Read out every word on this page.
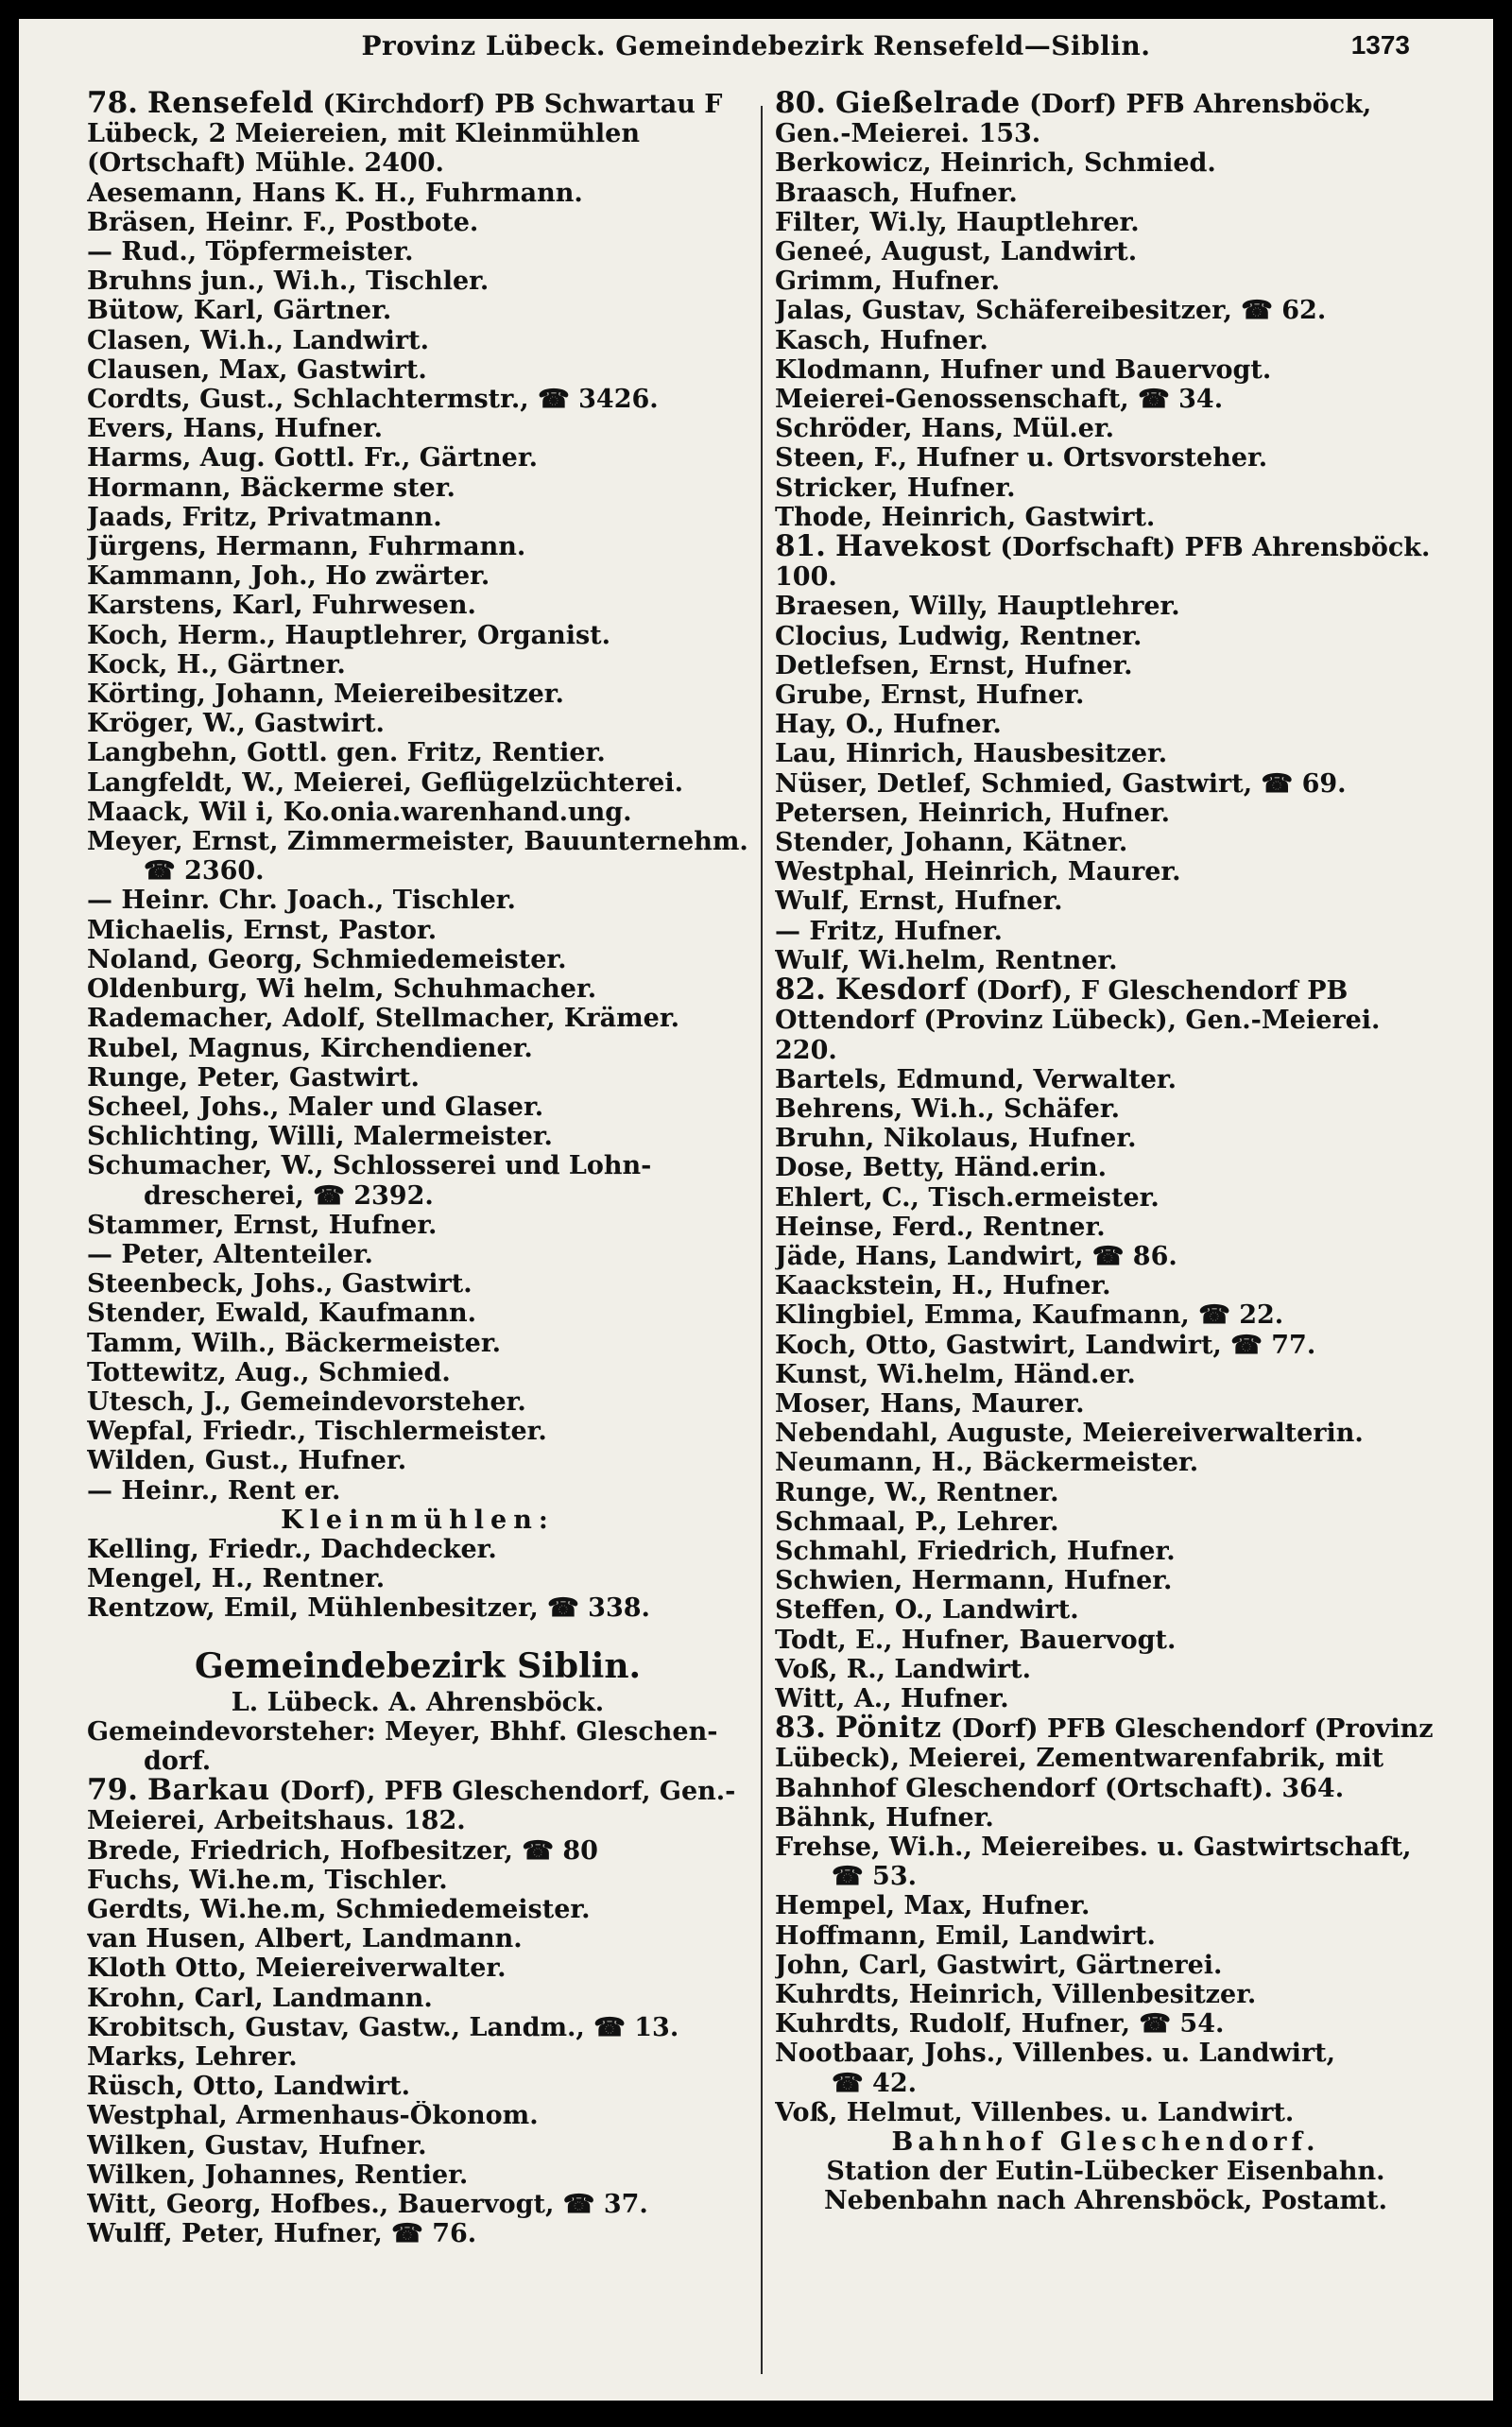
Provinz Lübeck. Gemeindebezirk Rensefeld—Siblin.	1373
78. Rensefeld (Kirchdorf) PB Schwartau F Lübeck, 2 Meiereien, mit Kleinmühlen (Ortschaft) Mühle. 2400.
Aesemann, Hans K. H., Fuhrmann.
Bräsen, Heinr. F., Postbote.
— Rud., Töpfermeister.
Bruhns jun., Wi.h., Tischler.
Bütow, Karl, Gärtner.
Clasen, Wi.h., Landwirt.
Clausen, Max, Gastwirt.
Cordts, Gust., Schlachtermstr., ☎ 3426.
Evers, Hans, Hufner.
Harms, Aug. Gottl. Fr., Gärtner.
Hormann, Bäckerme ster.
Jaads, Fritz, Privatmann.
Jürgens, Hermann, Fuhrmann.
Kammann, Joh., Ho zwärter.
Karstens, Karl, Fuhrwesen.
Koch, Herm., Hauptlehrer, Organist.
Kock, H., Gärtner.
Körting, Johann, Meiereibesitzer.
Kröger, W., Gastwirt.
Langbehn, Gottl. gen. Fritz, Rentier.
Langfeldt, W., Meierei, Geflügelzüchterei.
Maack, Wil i, Ko.onia.warenhand.ung.
Meyer, Ernst, Zimmermeister, Bauunternehm.
☎ 2360.
— Heinr. Chr. Joach., Tischler.
Michaelis, Ernst, Pastor.
Noland, Georg, Schmiedemeister.
Oldenburg, Wi helm, Schuhmacher.
Rademacher, Adolf, Stellmacher, Krämer.
Rubel, Magnus, Kirchendiener.
Runge, Peter, Gastwirt.
Scheel, Johs., Maler und Glaser.
Schlichting, Willi, Malermeister.
Schumacher, W., Schlosserei und Lohn-
drescherei, ☎ 2392.
Stammer, Ernst, Hufner.
— Peter, Altenteiler.
Steenbeck, Johs., Gastwirt.
Stender, Ewald, Kaufmann.
Tamm, Wilh., Bäckermeister.
Tottewitz, Aug., Schmied.
Utesch, J., Gemeindevorsteher.
Wepfal, Friedr., Tischlermeister.
Wilden, Gust., Hufner.
— Heinr., Rent er.
Kleinmühlen:
Kelling, Friedr., Dachdecker.
Mengel, H., Rentner.
Rentzow, Emil, Mühlenbesitzer, ☎ 338.
Gemeindebezirk Siblin.
L. Lübeck. A. Ahrensböck.
Gemeindevorsteher: Meyer, Bhhf. Gleschen-
dorf.
79. Barkau (Dorf), PFB Gleschendorf, Gen.-Meierei, Arbeitshaus. 182.
Brede, Friedrich, Hofbesitzer, ☎ 80
Fuchs, Wi.he.m, Tischler.
Gerdts, Wi.he.m, Schmiedemeister.
van Husen, Albert, Landmann.
Kloth Otto, Meiereiverwalter.
Krohn, Carl, Landmann.
Krobitsch, Gustav, Gastw., Landm., ☎ 13.
Marks, Lehrer.
Rüsch, Otto, Landwirt.
Westphal, Armenhaus-Ökonom.
Wilken, Gustav, Hufner.
Wilken, Johannes, Rentier.
Witt, Georg, Hofbes., Bauervogt, ☎ 37.
Wulff, Peter, Hufner, ☎ 76.
80. Gießelrade (Dorf) PFB Ahrensböck, Gen.-Meierei. 153.
Berkowicz, Heinrich, Schmied.
Braasch, Hufner.
Filter, Wi.ly, Hauptlehrer.
Geneé, August, Landwirt.
Grimm, Hufner.
Jalas, Gustav, Schäfereibesitzer, ☎ 62.
Kasch, Hufner.
Klodmann, Hufner und Bauervogt.
Meierei-Genossenschaft, ☎ 34.
Schröder, Hans, Mül.er.
Steen, F., Hufner u. Ortsvorsteher.
Stricker, Hufner.
Thode, Heinrich, Gastwirt.
81. Havekost (Dorfschaft) PFB Ahrensböck. 100.
Braesen, Willy, Hauptlehrer.
Clocius, Ludwig, Rentner.
Detlefsen, Ernst, Hufner.
Grube, Ernst, Hufner.
Hay, O., Hufner.
Lau, Hinrich, Hausbesitzer.
Nüser, Detlef, Schmied, Gastwirt, ☎ 69.
Petersen, Heinrich, Hufner.
Stender, Johann, Kätner.
Westphal, Heinrich, Maurer.
Wulf, Ernst, Hufner.
— Fritz, Hufner.
Wulf, Wi.helm, Rentner.
82. Kesdorf (Dorf), F Gleschendorf PB Ottendorf (Provinz Lübeck), Gen.-Meierei. 220.
Bartels, Edmund, Verwalter.
Behrens, Wi.h., Schäfer.
Bruhn, Nikolaus, Hufner.
Dose, Betty, Händ.erin.
Ehlert, C., Tisch.ermeister.
Heinse, Ferd., Rentner.
Jäde, Hans, Landwirt, ☎ 86.
Kaackstein, H., Hufner.
Klingbiel, Emma, Kaufmann, ☎ 22.
Koch, Otto, Gastwirt, Landwirt, ☎ 77.
Kunst, Wi.helm, Händ.er.
Moser, Hans, Maurer.
Nebendahl, Auguste, Meiereiverwalterin.
Neumann, H., Bäckermeister.
Runge, W., Rentner.
Schmaal, P., Lehrer.
Schmahl, Friedrich, Hufner.
Schwien, Hermann, Hufner.
Steffen, O., Landwirt.
Todt, E., Hufner, Bauervogt.
Voß, R., Landwirt.
Witt, A., Hufner.
83. Pönitz (Dorf) PFB Gleschendorf (Provinz Lübeck), Meierei, Zementwarenfabrik, mit Bahnhof Gleschendorf (Ortschaft). 364.
Bähnk, Hufner.
Frehse, Wi.h., Meiereibes. u. Gastwirtschaft,
☎ 53.
Hempel, Max, Hufner.
Hoffmann, Emil, Landwirt.
John, Carl, Gastwirt, Gärtnerei.
Kuhrdts, Heinrich, Villenbesitzer.
Kuhrdts, Rudolf, Hufner, ☎ 54.
Nootbaar, Johs., Villenbes. u. Landwirt,
☎ 42.
Voß, Helmut, Villenbes. u. Landwirt.
Bahnhof Gleschendorf.
Station der Eutin-Lübecker Eisenbahn.
Nebenbahn nach Ahrensböck, Postamt.
